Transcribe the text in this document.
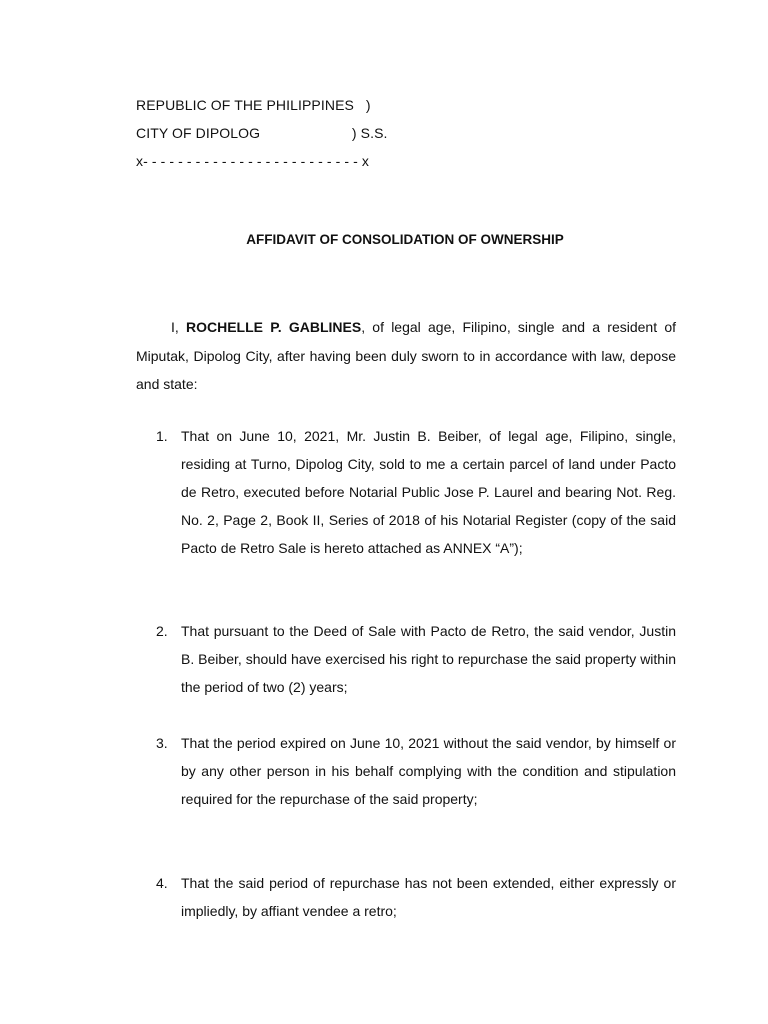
REPUBLIC OF THE PHILIPPINES   )
CITY OF DIPOLOG                       ) S.S.
x- - - - - - - - - - - - - - - - - - - - - - - - - x
AFFIDAVIT OF CONSOLIDATION OF OWNERSHIP
I, ROCHELLE P. GABLINES, of legal age, Filipino, single and a resident of Miputak, Dipolog City, after having been duly sworn to in accordance with law, depose and state:
1. That on June 10, 2021, Mr. Justin B. Beiber, of legal age, Filipino, single, residing at Turno, Dipolog City, sold to me a certain parcel of land under Pacto de Retro, executed before Notarial Public Jose P. Laurel and bearing Not. Reg. No. 2, Page 2, Book II, Series of 2018 of his Notarial Register (copy of the said Pacto de Retro Sale is hereto attached as ANNEX “A”);
2. That pursuant to the Deed of Sale with Pacto de Retro, the said vendor, Justin B. Beiber, should have exercised his right to repurchase the said property within the period of two (2) years;
3. That the period expired on June 10, 2021 without the said vendor, by himself or by any other person in his behalf complying with the condition and stipulation required for the repurchase of the said property;
4. That the said period of repurchase has not been extended, either expressly or impliedly, by affiant vendee a retro;
